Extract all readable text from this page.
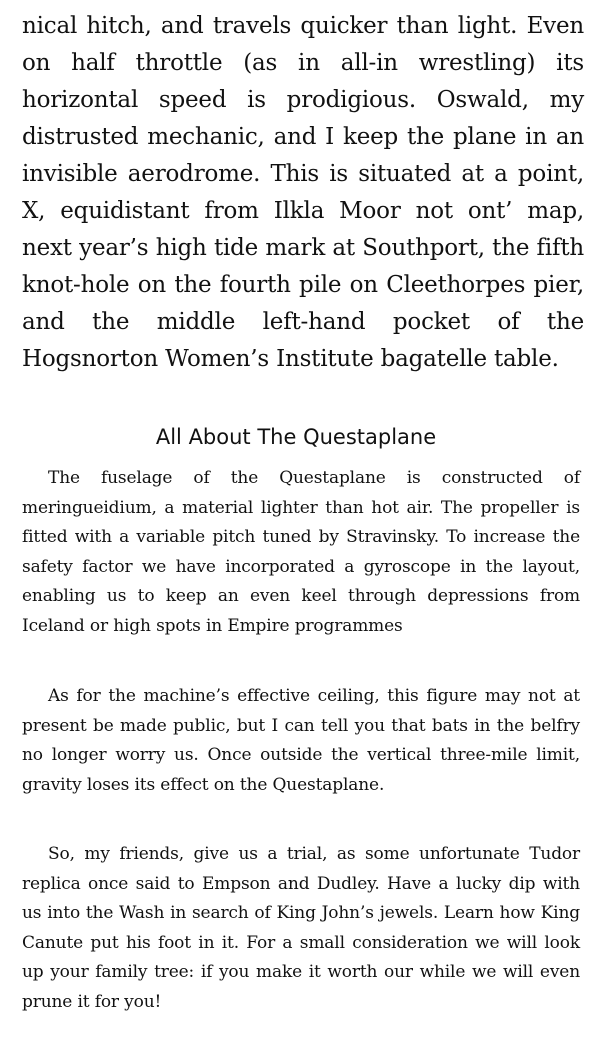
nical hitch, and travels quicker than light. Even on half throttle (as in all-in wrestling) its horizontal speed is prodigious. Oswald, my distrusted mechanic, and I keep the plane in an invisible aerodrome. This is situated at a point, X, equidistant from Ilkla Moor not ont’ map, next year’s high tide mark at Southport, the fifth knot-hole on the fourth pile on Cleethorpes pier, and the middle left-hand pocket of the Hogsnorton Women’s Institute bagatelle table.

All About The Questaplane

The fuselage of the Questaplane is constructed of meringueidium, a material lighter than hot air. The propeller is fitted with a variable pitch tuned by Stravinsky. To increase the safety factor we have incorporated a gyroscope in the layout, enabling us to keep an even keel through depressions from Iceland or high spots in Empire programmes

As for the machine’s effective ceiling, this figure may not at present be made public, but I can tell you that bats in the belfry no longer worry us. Once outside the vertical three-mile limit, gravity loses its effect on the Questaplane.

So, my friends, give us a trial, as some unfortunate Tudor replica once said to Empson and Dudley. Have a lucky dip with us into the Wash in search of King John’s jewels. Learn how King Canute put his foot in it. For a small consideration we will look up your family tree: if you make it worth our while we will even prune it for you!
